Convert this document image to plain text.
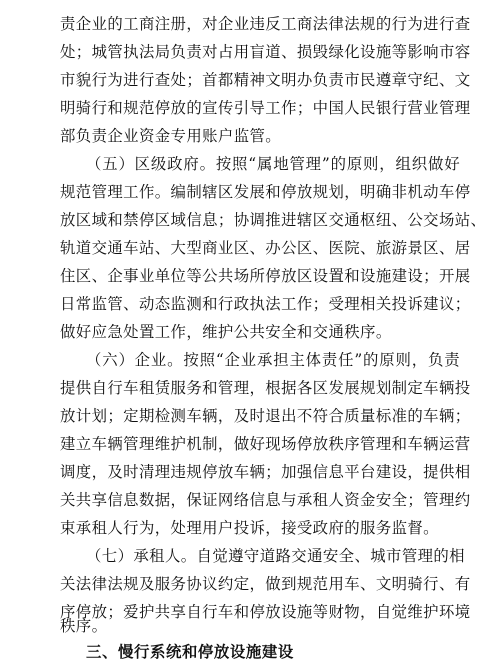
责企业的工商注册，对企业违反工商法律法规的行为进行查
处；城管执法局负责对占用盲道、损毁绿化设施等影响市容
市貌行为进行查处；首都精神文明办负责市民遵章守纪、文
明骑行和规范停放的宣传引导工作；中国人民银行营业管理
部负责企业资金专用账户监管。
（五）区级政府。按照“属地管理”的原则，组织做好
规范管理工作。编制辖区发展和停放规划，明确非机动车停
放区域和禁停区域信息；协调推进辖区交通枢纽、公交场站、
轨道交通车站、大型商业区、办公区、医院、旅游景区、居
住区、企事业单位等公共场所停放区设置和设施建设；开展
日常监管、动态监测和行政执法工作；受理相关投诉建议；
做好应急处置工作，维护公共安全和交通秩序。
（六）企业。按照“企业承担主体责任”的原则，负责
提供自行车租赁服务和管理，根据各区发展规划制定车辆投
放计划；定期检测车辆，及时退出不符合质量标准的车辆；
建立车辆管理维护机制，做好现场停放秩序管理和车辆运营
调度，及时清理违规停放车辆；加强信息平台建设，提供相
关共享信息数据，保证网络信息与承租人资金安全；管理约
束承租人行为，处理用户投诉，接受政府的服务监督。
（七）承租人。自觉遵守道路交通安全、城市管理的相
关法律法规及服务协议约定，做到规范用车、文明骑行、有
序停放；爱护共享自行车和停放设施等财物，自觉维护环境
秩序。
三、慢行系统和停放设施建设
